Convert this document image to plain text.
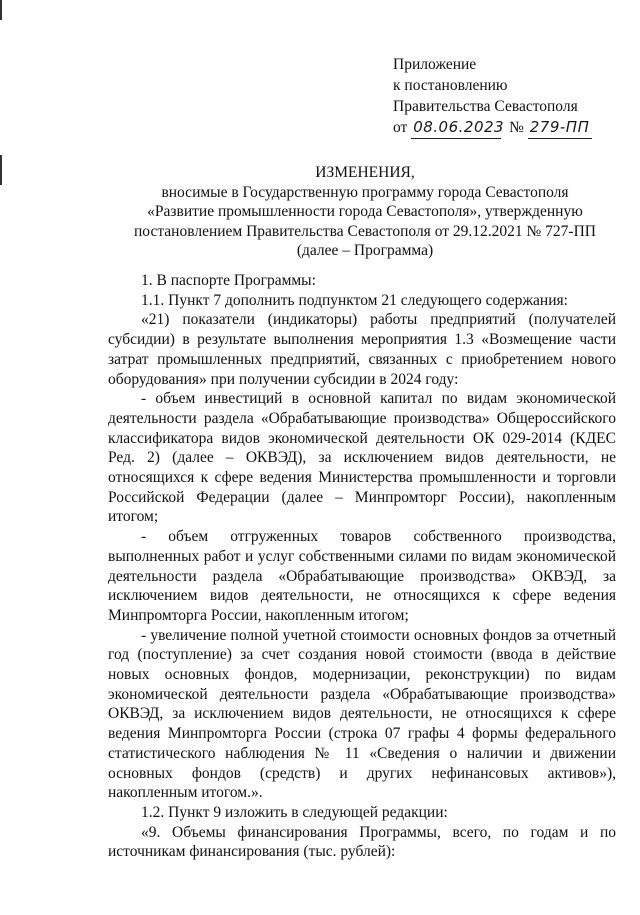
Приложение
к постановлению
Правительства Севастополя
от 08.06.2023 № 279-ПП
ИЗМЕНЕНИЯ,
вносимые в Государственную программу города Севастополя
«Развитие промышленности города Севастополя», утвержденную
постановлением Правительства Севастополя от 29.12.2021 № 727-ПП
(далее – Программа)

1. В паспорте Программы:

1.1. Пункт 7 дополнить подпунктом 21 следующего содержания:

«21) показатели (индикаторы) работы предприятий (получателей субсидии) в результате выполнения мероприятия 1.3 «Возмещение части затрат промышленных предприятий, связанных с приобретением нового оборудования» при получении субсидии в 2024 году:

- объем инвестиций в основной капитал по видам экономической деятельности раздела «Обрабатывающие производства» Общероссийского классификатора видов экономической деятельности ОК 029-2014 (КДЕС Ред. 2) (далее – ОКВЭД), за исключением видов деятельности, не относящихся к сфере ведения Министерства промышленности и торговли Российской Федерации (далее – Минпромторг России), накопленным итогом;

- объем отгруженных товаров собственного производства, выполненных работ и услуг собственными силами по видам экономической деятельности раздела «Обрабатывающие производства» ОКВЭД, за исключением видов деятельности, не относящихся к сфере ведения Минпромторга России, накопленным итогом;

- увеличение полной учетной стоимости основных фондов за отчетный год (поступление) за счет создания новой стоимости (ввода в действие новых основных фондов, модернизации, реконструкции) по видам экономической деятельности раздела «Обрабатывающие производства» ОКВЭД, за исключением видов деятельности, не относящихся к сфере ведения Минпромторга России (строка 07 графы 4 формы федерального статистического наблюдения № 11 «Сведения о наличии и движении основных фондов (средств) и других нефинансовых активов»), накопленным итогом.».

1.2. Пункт 9 изложить в следующей редакции:

«9. Объемы финансирования Программы, всего, по годам и по источникам финансирования (тыс. рублей):
